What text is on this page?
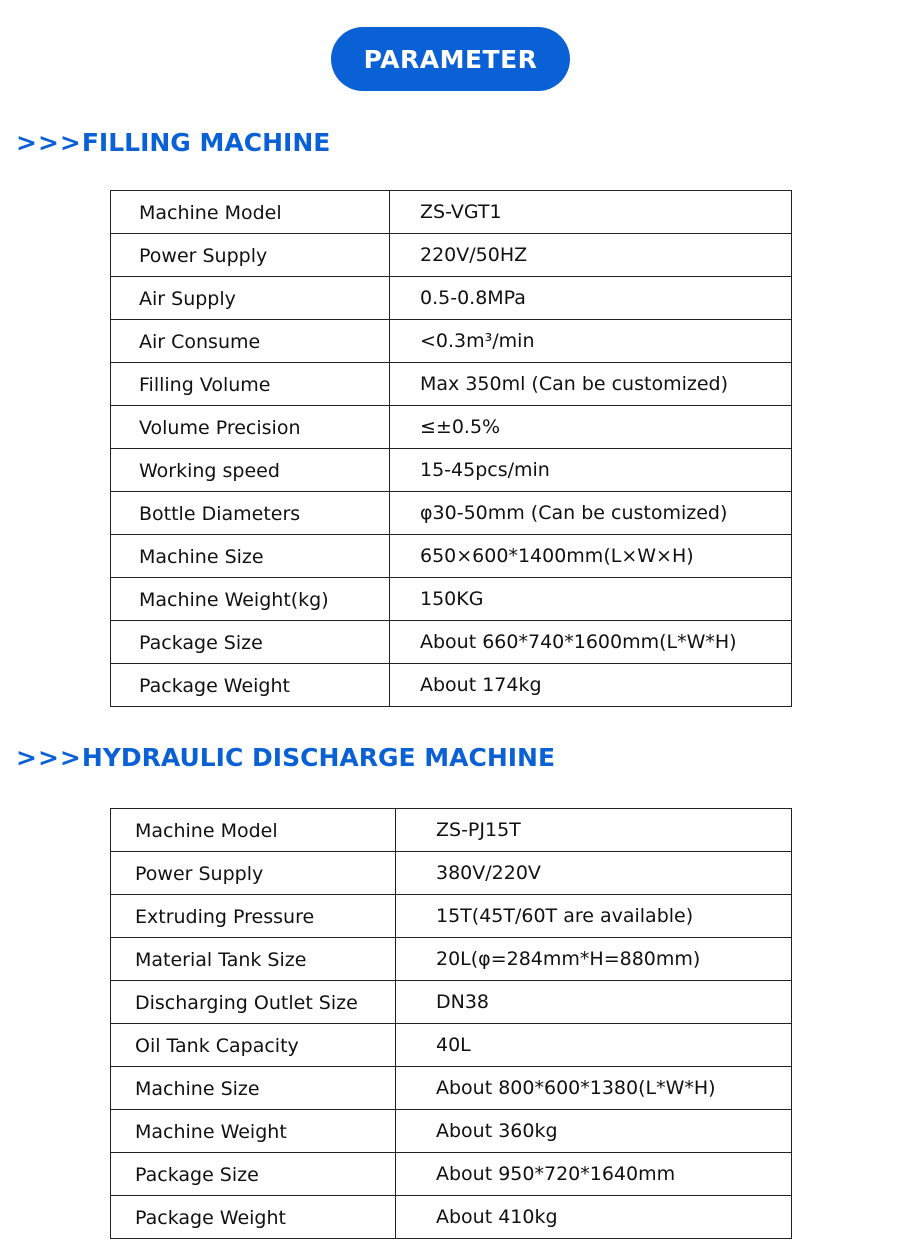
PARAMETER
>>>FILLING MACHINE
Machine Model	ZS-VGT1
Power Supply	220V/50HZ
Air Supply	0.5-0.8MPa
Air Consume	<0.3m³/min
Filling Volume	Max 350ml (Can be customized)
Volume Precision	≤±0.5%
Working speed	15-45pcs/min
Bottle Diameters	φ30-50mm (Can be customized)
Machine Size	650×600*1400mm(L×W×H)
Machine Weight(kg)	150KG
Package Size	About 660*740*1600mm(L*W*H)
Package Weight	About 174kg
>>>HYDRAULIC DISCHARGE MACHINE
Machine Model	ZS-PJ15T
Power Supply	380V/220V
Extruding Pressure	15T(45T/60T are available)
Material Tank Size	20L(φ=284mm*H=880mm)
Discharging Outlet Size	DN38
Oil Tank Capacity	40L
Machine Size	About 800*600*1380(L*W*H)
Machine Weight	About 360kg
Package Size	About 950*720*1640mm
Package Weight	About 410kg
